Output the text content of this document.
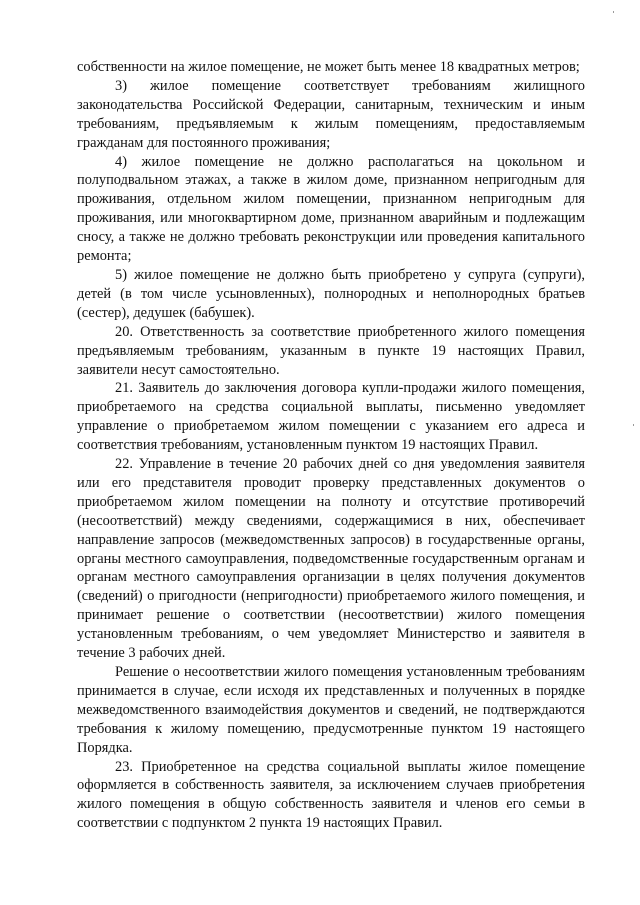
собственности на жилое помещение, не может быть менее 18 квадратных метров;

3) жилое помещение соответствует требованиям жилищного законодательства Российской Федерации, санитарным, техническим и иным требованиям, предъявляемым к жилым помещениям, предоставляемым гражданам для постоянного проживания;

4) жилое помещение не должно располагаться на цокольном и полуподвальном этажах, а также в жилом доме, признанном непригодным для проживания, отдельном жилом помещении, признанном непригодным для проживания, или многоквартирном доме, признанном аварийным и подлежащим сносу, а также не должно требовать реконструкции или проведения капитального ремонта;

5) жилое помещение не должно быть приобретено у супруга (супруги), детей (в том числе усыновленных), полнородных и неполнородных братьев (сестер), дедушек (бабушек).

20. Ответственность за соответствие приобретенного жилого помещения предъявляемым требованиям, указанным в пункте 19 настоящих Правил, заявители несут самостоятельно.

21. Заявитель до заключения договора купли-продажи жилого помещения, приобретаемого на средства социальной выплаты, письменно уведомляет управление о приобретаемом жилом помещении с указанием его адреса и соответствия требованиям, установленным пунктом 19 настоящих Правил.

22. Управление в течение 20 рабочих дней со дня уведомления заявителя или его представителя проводит проверку представленных документов о приобретаемом жилом помещении на полноту и отсутствие противоречий (несоответствий) между сведениями, содержащимися в них, обеспечивает направление запросов (межведомственных запросов) в государственные органы, органы местного самоуправления, подведомственные государственным органам и органам местного самоуправления организации в целях получения документов (сведений) о пригодности (непригодности) приобретаемого жилого помещения, и принимает решение о соответствии (несоответствии) жилого помещения установленным требованиям, о чем уведомляет Министерство и заявителя в течение 3 рабочих дней.

Решение о несоответствии жилого помещения установленным требованиям принимается в случае, если исходя их представленных и полученных в порядке межведомственного взаимодействия документов и сведений, не подтверждаются требования к жилому помещению, предусмотренные пунктом 19 настоящего Порядка.

23. Приобретенное на средства социальной выплаты жилое помещение оформляется в собственность заявителя, за исключением случаев приобретения жилого помещения в общую собственность заявителя и членов его семьи в соответствии с подпунктом 2 пункта 19 настоящих Правил.
